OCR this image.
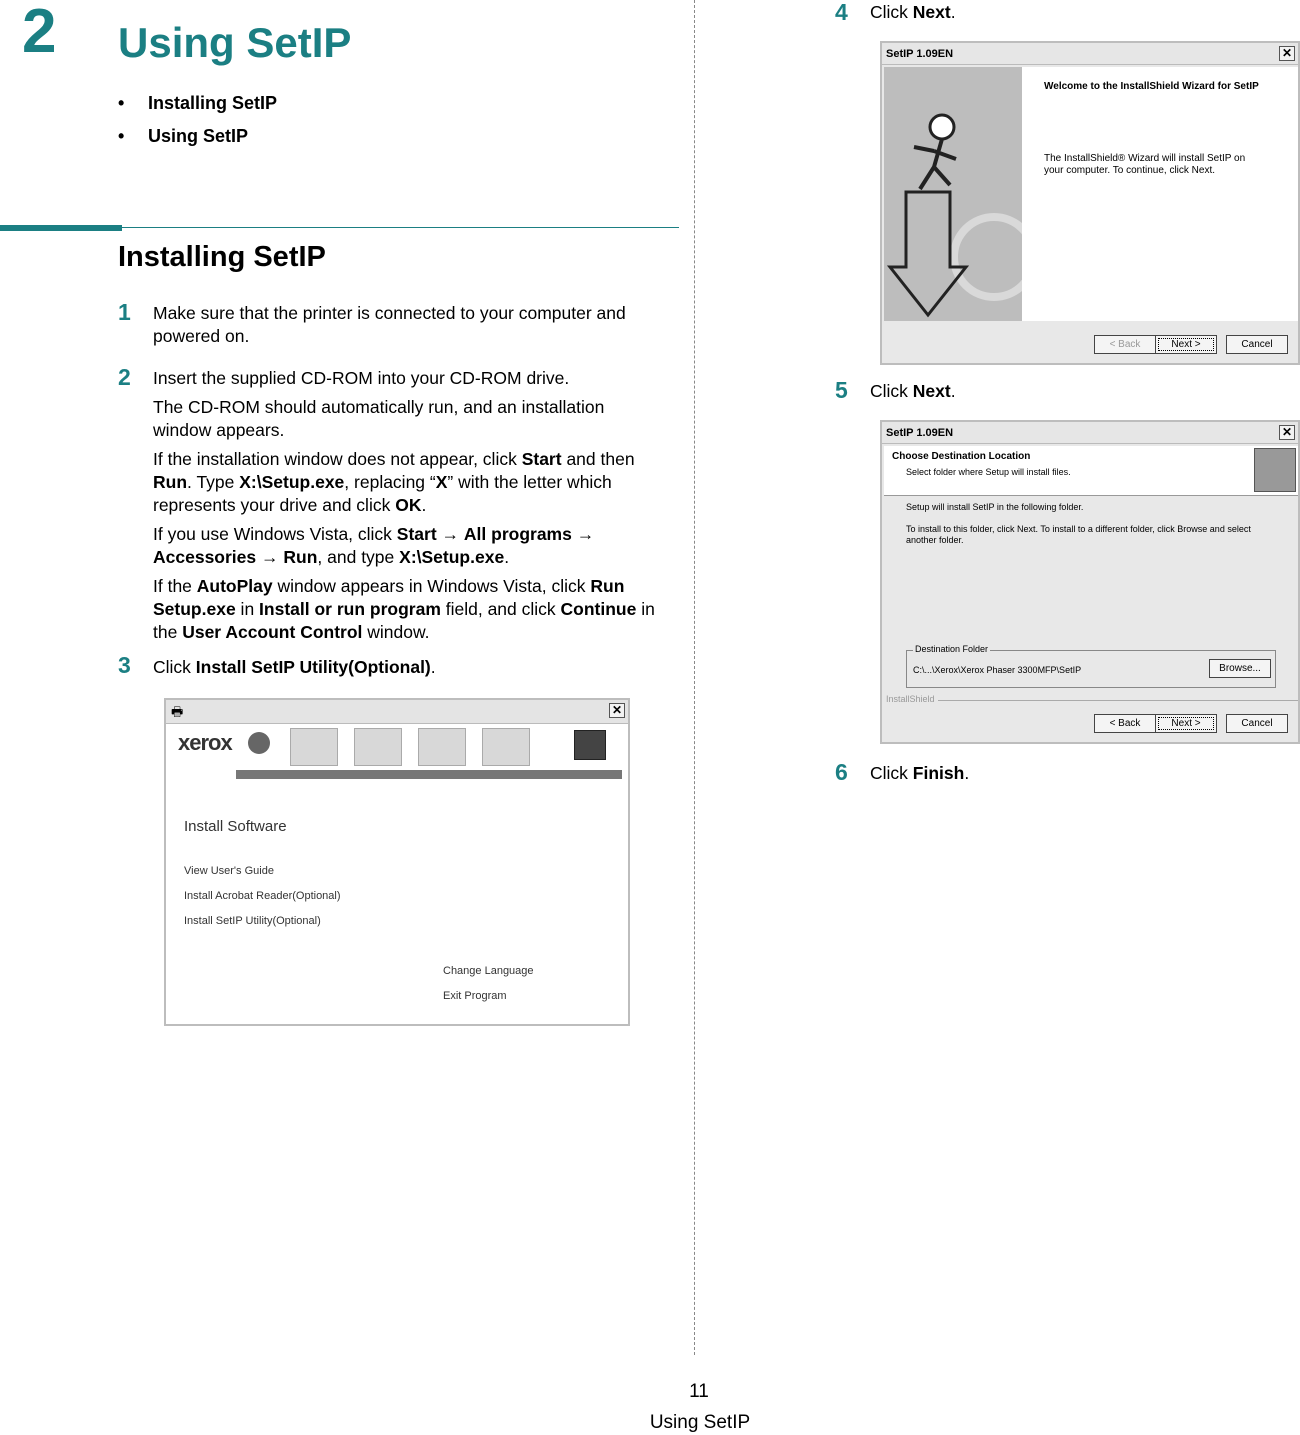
2 Using SetIP
• Installing SetIP
• Using SetIP
Installing SetIP
1 Make sure that the printer is connected to your computer and powered on.
2 Insert the supplied CD-ROM into your CD-ROM drive.
The CD-ROM should automatically run, and an installation window appears.
If the installation window does not appear, click Start and then Run. Type X:\Setup.exe, replacing “X” with the letter which represents your drive and click OK.
If you use Windows Vista, click Start → All programs → Accessories → Run, and type X:\Setup.exe.
If the AutoPlay window appears in Windows Vista, click Run Setup.exe in Install or run program field, and click Continue in the User Account Control window.
3 Click Install SetIP Utility(Optional).
🖶	✕
xerox
Install Software
View User's Guide
Install Acrobat Reader(Optional)
Install SetIP Utility(Optional)
Change Language
Exit Program
4 Click Next.
SetIP 1.09EN	✕
Welcome to the InstallShield Wizard for SetIP
The InstallShield® Wizard will install SetIP on your computer. To continue, click Next.
< Back	Next >	Cancel
5 Click Next.
SetIP 1.09EN	✕
Choose Destination Location
Select folder where Setup will install files.
Setup will install SetIP in the following folder.
To install to this folder, click Next. To install to a different folder, click Browse and select another folder.
Destination Folder
C:\...\Xerox\Xerox Phaser 3300MFP\SetIP	Browse...
InstallShield
< Back	Next >	Cancel
6 Click Finish.
11
Using SetIP
